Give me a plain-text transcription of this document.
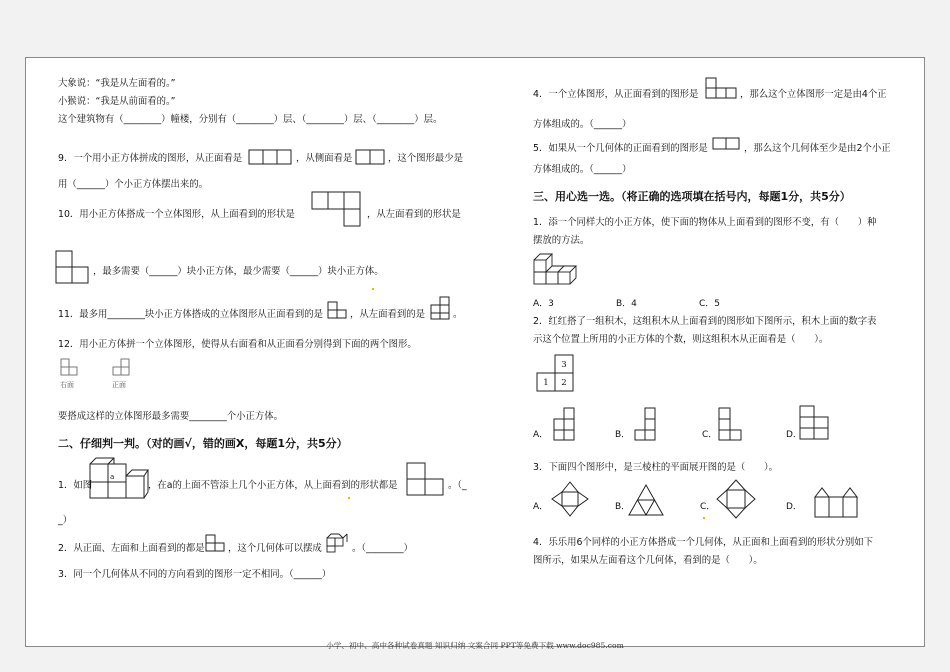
大象说：“我是从左面看的。”
小猴说：“我是从前面看的。”
这个建筑物有（________）幢楼，分别有（________）层、（________）层、（________）层。
9．一个用小正方体拼成的图形，从正面看是	，从侧面看是	，这个图形最少是
用（______）个小正方体摆出来的。
10．用小正方体搭成一个立体图形，从上面看到的形状是	，从左面看到的形状是
，最多需要（______）块小正方体，最少需要（______）块小正方体。
11．最多用________块小正方体搭成的立体图形从正面看到的是	，从左面看到的是	。
12．用小正方体拼一个立体图形，使得从右面看和从正面看分别得到下面的两个图形。
右面	正面
要搭成这样的立体图形最多需要________个小正方体。
二、仔细判一判。（对的画√，错的画X，每题1分，共5分）
1．如图
a
，在a的上面不管添上几个小正方体，从上面看到的形状都是	。（_
_）
2．从正面、左面和上面看到的都是 ，这个几何体可以摆成	。（________）
3．同一个几何体从不同的方向看到的图形一定不相同。（______）
4．一个立体图形，从正面看到的图形是	，那么这个立体图形一定是由4个正
方体组成的。（______）
5．如果从一个几何体的正面看到的图形是	，那么这个几何体至少是由2个小正
方体组成的。（______）
三、用心选一选。（将正确的选项填在括号内，每题1分，共5分）
1．添一个同样大的小正方体，使下面的物体从上面看到的图形不变，有（　　）种
摆放的方法。
A．3	B．4	C．5
2．红红搭了一组积木，这组积木从上面看到的图形如下图所示，积木上面的数字表
示这个位置上所用的小正方体的个数，则这组积木从正面看是（　　）。
3
1 2
A．	B．	C．	D．
3．下面四个图形中，是三棱柱的平面展开图的是（　　）。
A．	B．	C．	D．
4．乐乐用6个同样的小正方体搭成一个几何体，从正面和上面看到的形状分别如下
图所示，如果从左面看这个几何体，看到的是（　　）。
小学、初中、高中各种试卷真题 知识归纳 文案合同 PPT等免费下载 www.doc985.com
